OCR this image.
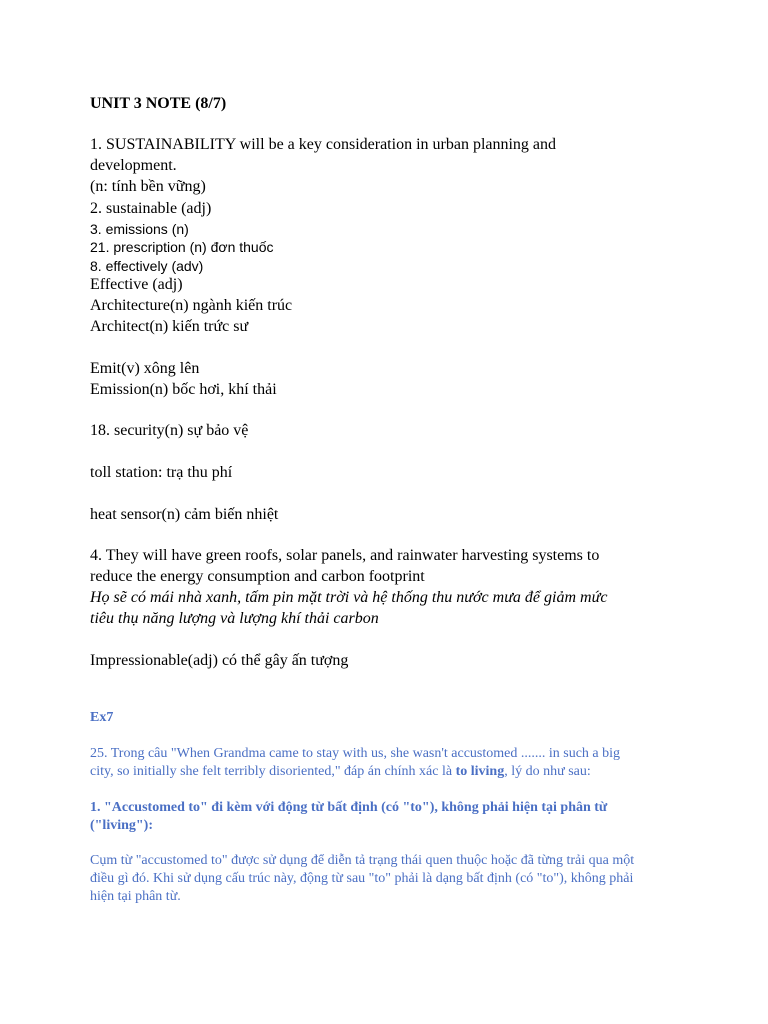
UNIT 3 NOTE (8/7)
1. SUSTAINABILITY will be a key consideration in urban planning and
development.
(n: tính bền vững)
2. sustainable (adj)
3. emissions (n)
21. prescription (n) đơn thuốc
8. effectively (adv)
Effective (adj)
Architecture(n) ngành kiến trúc
Architect(n) kiến trức sư
Emit(v) xông lên
Emission(n) bốc hơi, khí thải
18. security(n) sự bảo vệ
toll station: trạ thu phí
heat sensor(n) cảm biến nhiệt
4. They will have green roofs, solar panels, and rainwater harvesting systems to
reduce the energy consumption and carbon footprint
Họ sẽ có mái nhà xanh, tấm pin mặt trời và hệ thống thu nước mưa để giảm mức
tiêu thụ năng lượng và lượng khí thải carbon
Impressionable(adj) có thể gây ấn tượng
Ex7
25. Trong câu "When Grandma came to stay with us, she wasn't accustomed ....... in such a big
city, so initially she felt terribly disoriented," đáp án chính xác là to living, lý do như sau:
1. "Accustomed to" đi kèm với động từ bất định (có "to"), không phải hiện tại phân từ
("living"):
Cụm từ "accustomed to" được sử dụng để diễn tả trạng thái quen thuộc hoặc đã từng trải qua một
điều gì đó. Khi sử dụng cấu trúc này, động từ sau "to" phải là dạng bất định (có "to"), không phải
hiện tại phân từ.
